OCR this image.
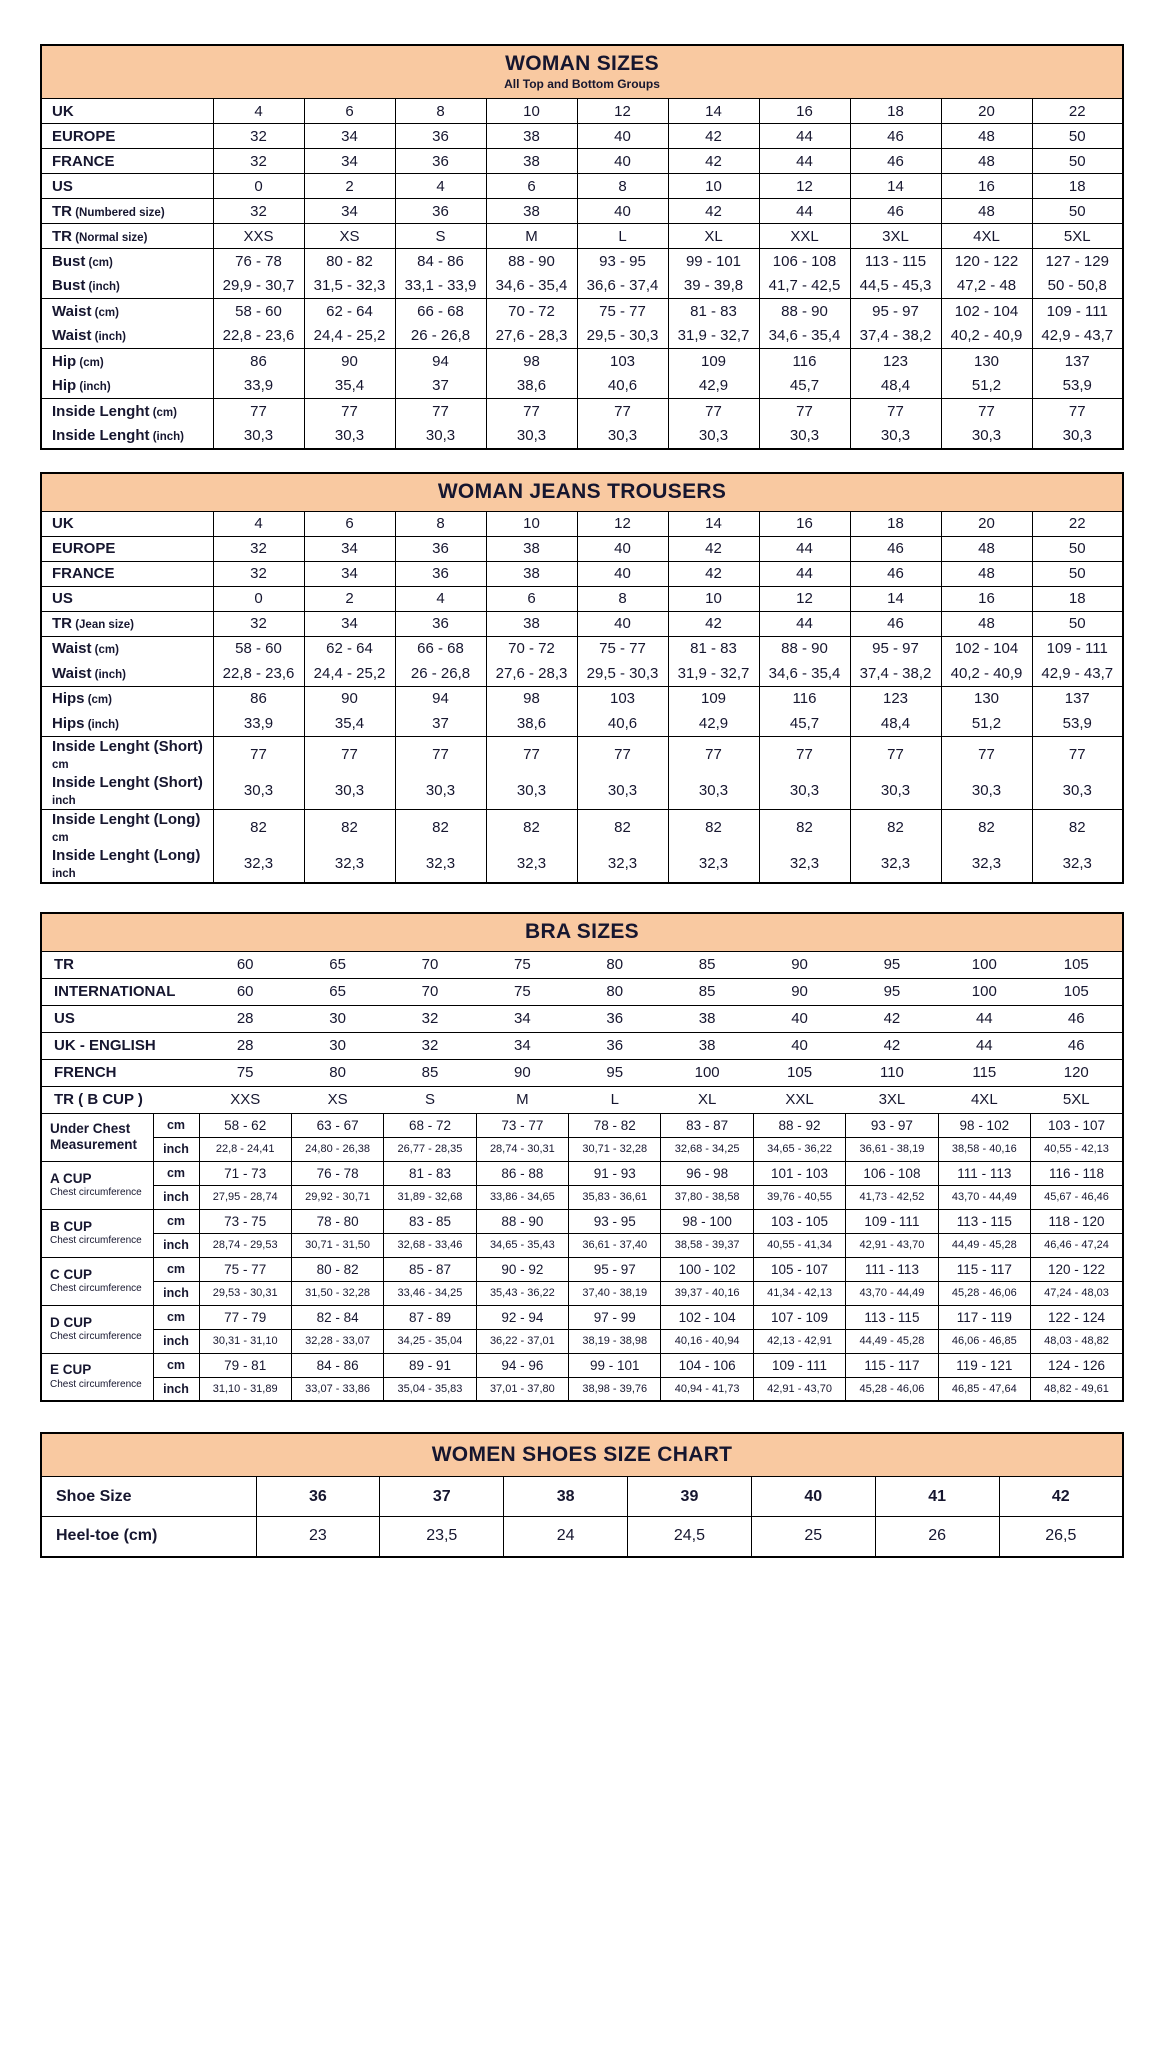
WOMAN SIZES
All Top and Bottom Groups										

UK	4	6	8	10	12	14	16	18	20	22
EUROPE	32	34	36	38	40	42	44	46	48	50
FRANCE	32	34	36	38	40	42	44	46	48	50
US	0	2	4	6	8	10	12	14	16	18
TR (Numbered size)	32	34	36	38	40	42	44	46	48	50
TR (Normal size)	XXS	XS	S	M	L	XL	XXL	3XL	4XL	5XL
Bust (cm)	76 - 78	80 - 82	84 - 86	88 - 90	93 - 95	99 - 101	106 - 108	113 - 115	120 - 122	127 - 129
Bust (inch)	29,9 - 30,7	31,5 - 32,3	33,1 - 33,9	34,6 - 35,4	36,6 - 37,4	39 - 39,8	41,7 - 42,5	44,5 - 45,3	47,2 - 48	50 - 50,8
Waist (cm)	58 - 60	62 - 64	66 - 68	70 - 72	75 - 77	81 - 83	88 - 90	95 - 97	102 - 104	109 - 111
Waist (inch)	22,8 - 23,6	24,4 - 25,2	26 - 26,8	27,6 - 28,3	29,5 - 30,3	31,9 - 32,7	34,6 - 35,4	37,4 - 38,2	40,2 - 40,9	42,9 - 43,7
Hip (cm)	86	90	94	98	103	109	116	123	130	137
Hip (inch)	33,9	35,4	37	38,6	40,6	42,9	45,7	48,4	51,2	53,9
Inside Lenght (cm)	77	77	77	77	77	77	77	77	77	77
Inside Lenght (inch)	30,3	30,3	30,3	30,3	30,3	30,3	30,3	30,3	30,3	30,3
WOMAN JEANS TROUSERS										

UK	4	6	8	10	12	14	16	18	20	22
EUROPE	32	34	36	38	40	42	44	46	48	50
FRANCE	32	34	36	38	40	42	44	46	48	50
US	0	2	4	6	8	10	12	14	16	18
TR (Jean size)	32	34	36	38	40	42	44	46	48	50
Waist (cm)	58 - 60	62 - 64	66 - 68	70 - 72	75 - 77	81 - 83	88 - 90	95 - 97	102 - 104	109 - 111
Waist (inch)	22,8 - 23,6	24,4 - 25,2	26 - 26,8	27,6 - 28,3	29,5 - 30,3	31,9 - 32,7	34,6 - 35,4	37,4 - 38,2	40,2 - 40,9	42,9 - 43,7
Hips (cm)	86	90	94	98	103	109	116	123	130	137
Hips (inch)	33,9	35,4	37	38,6	40,6	42,9	45,7	48,4	51,2	53,9
Inside Lenght (Short) cm	77	77	77	77	77	77	77	77	77	77
Inside Lenght (Short) inch	30,3	30,3	30,3	30,3	30,3	30,3	30,3	30,3	30,3	30,3
Inside Lenght (Long) cm	82	82	82	82	82	82	82	82	82	82
Inside Lenght (Long) inch	32,3	32,3	32,3	32,3	32,3	32,3	32,3	32,3	32,3	32,3
BRA SIZES											

TR		60	65	70	75	80	85	90	95	100	105
INTERNATIONAL		60	65	70	75	80	85	90	95	100	105
US		28	30	32	34	36	38	40	42	44	46
UK - ENGLISH		28	30	32	34	36	38	40	42	44	46
FRENCH		75	80	85	90	95	100	105	110	115	120
TR ( B CUP )		XXS	XS	S	M	L	XL	XXL	3XL	4XL	5XL

Under Chest
Measurement	cm	58 - 62	63 - 67	68 - 72	73 - 77	78 - 82	83 - 87	88 - 92	93 - 97	98 - 102	103 - 107
	inch	22,8 - 24,41	24,80 - 26,38	26,77 - 28,35	28,74 - 30,31	30,71 - 32,28	32,68 - 34,25	34,65 - 36,22	36,61 - 38,19	38,58 - 40,16	40,55 - 42,13

A CUP
Chest circumference	cm	71 - 73	76 - 78	81 - 83	86 - 88	91 - 93	96 - 98	101 - 103	106 - 108	111 - 113	116 - 118
	inch	27,95 - 28,74	29,92 - 30,71	31,89 - 32,68	33,86 - 34,65	35,83 - 36,61	37,80 - 38,58	39,76 - 40,55	41,73 - 42,52	43,70 - 44,49	45,67 - 46,46

B CUP
Chest circumference	cm	73 - 75	78 - 80	83 - 85	88 - 90	93 - 95	98 - 100	103 - 105	109 - 111	113 - 115	118 - 120
	inch	28,74 - 29,53	30,71 - 31,50	32,68 - 33,46	34,65 - 35,43	36,61 - 37,40	38,58 - 39,37	40,55 - 41,34	42,91 - 43,70	44,49 - 45,28	46,46 - 47,24

C CUP
Chest circumference	cm	75 - 77	80 - 82	85 - 87	90 - 92	95 - 97	100 - 102	105 - 107	111 - 113	115 - 117	120 - 122
	inch	29,53 - 30,31	31,50 - 32,28	33,46 - 34,25	35,43 - 36,22	37,40 - 38,19	39,37 - 40,16	41,34 - 42,13	43,70 - 44,49	45,28 - 46,06	47,24 - 48,03

D CUP
Chest circumference	cm	77 - 79	82 - 84	87 - 89	92 - 94	97 - 99	102 - 104	107 - 109	113 - 115	117 - 119	122 - 124
	inch	30,31 - 31,10	32,28 - 33,07	34,25 - 35,04	36,22 - 37,01	38,19 - 38,98	40,16 - 40,94	42,13 - 42,91	44,49 - 45,28	46,06 - 46,85	48,03 - 48,82

E CUP
Chest circumference	cm	79 - 81	84 - 86	89 - 91	94 - 96	99 - 101	104 - 106	109 - 111	115 - 117	119 - 121	124 - 126
	inch	31,10 - 31,89	33,07 - 33,86	35,04 - 35,83	37,01 - 37,80	38,98 - 39,76	40,94 - 41,73	42,91 - 43,70	45,28 - 46,06	46,85 - 47,64	48,82 - 49,61
WOMEN SHOES SIZE CHART							

Shoe Size	36	37	38	39	40	41	42
Heel-toe (cm)	23	23,5	24	24,5	25	26	26,5
